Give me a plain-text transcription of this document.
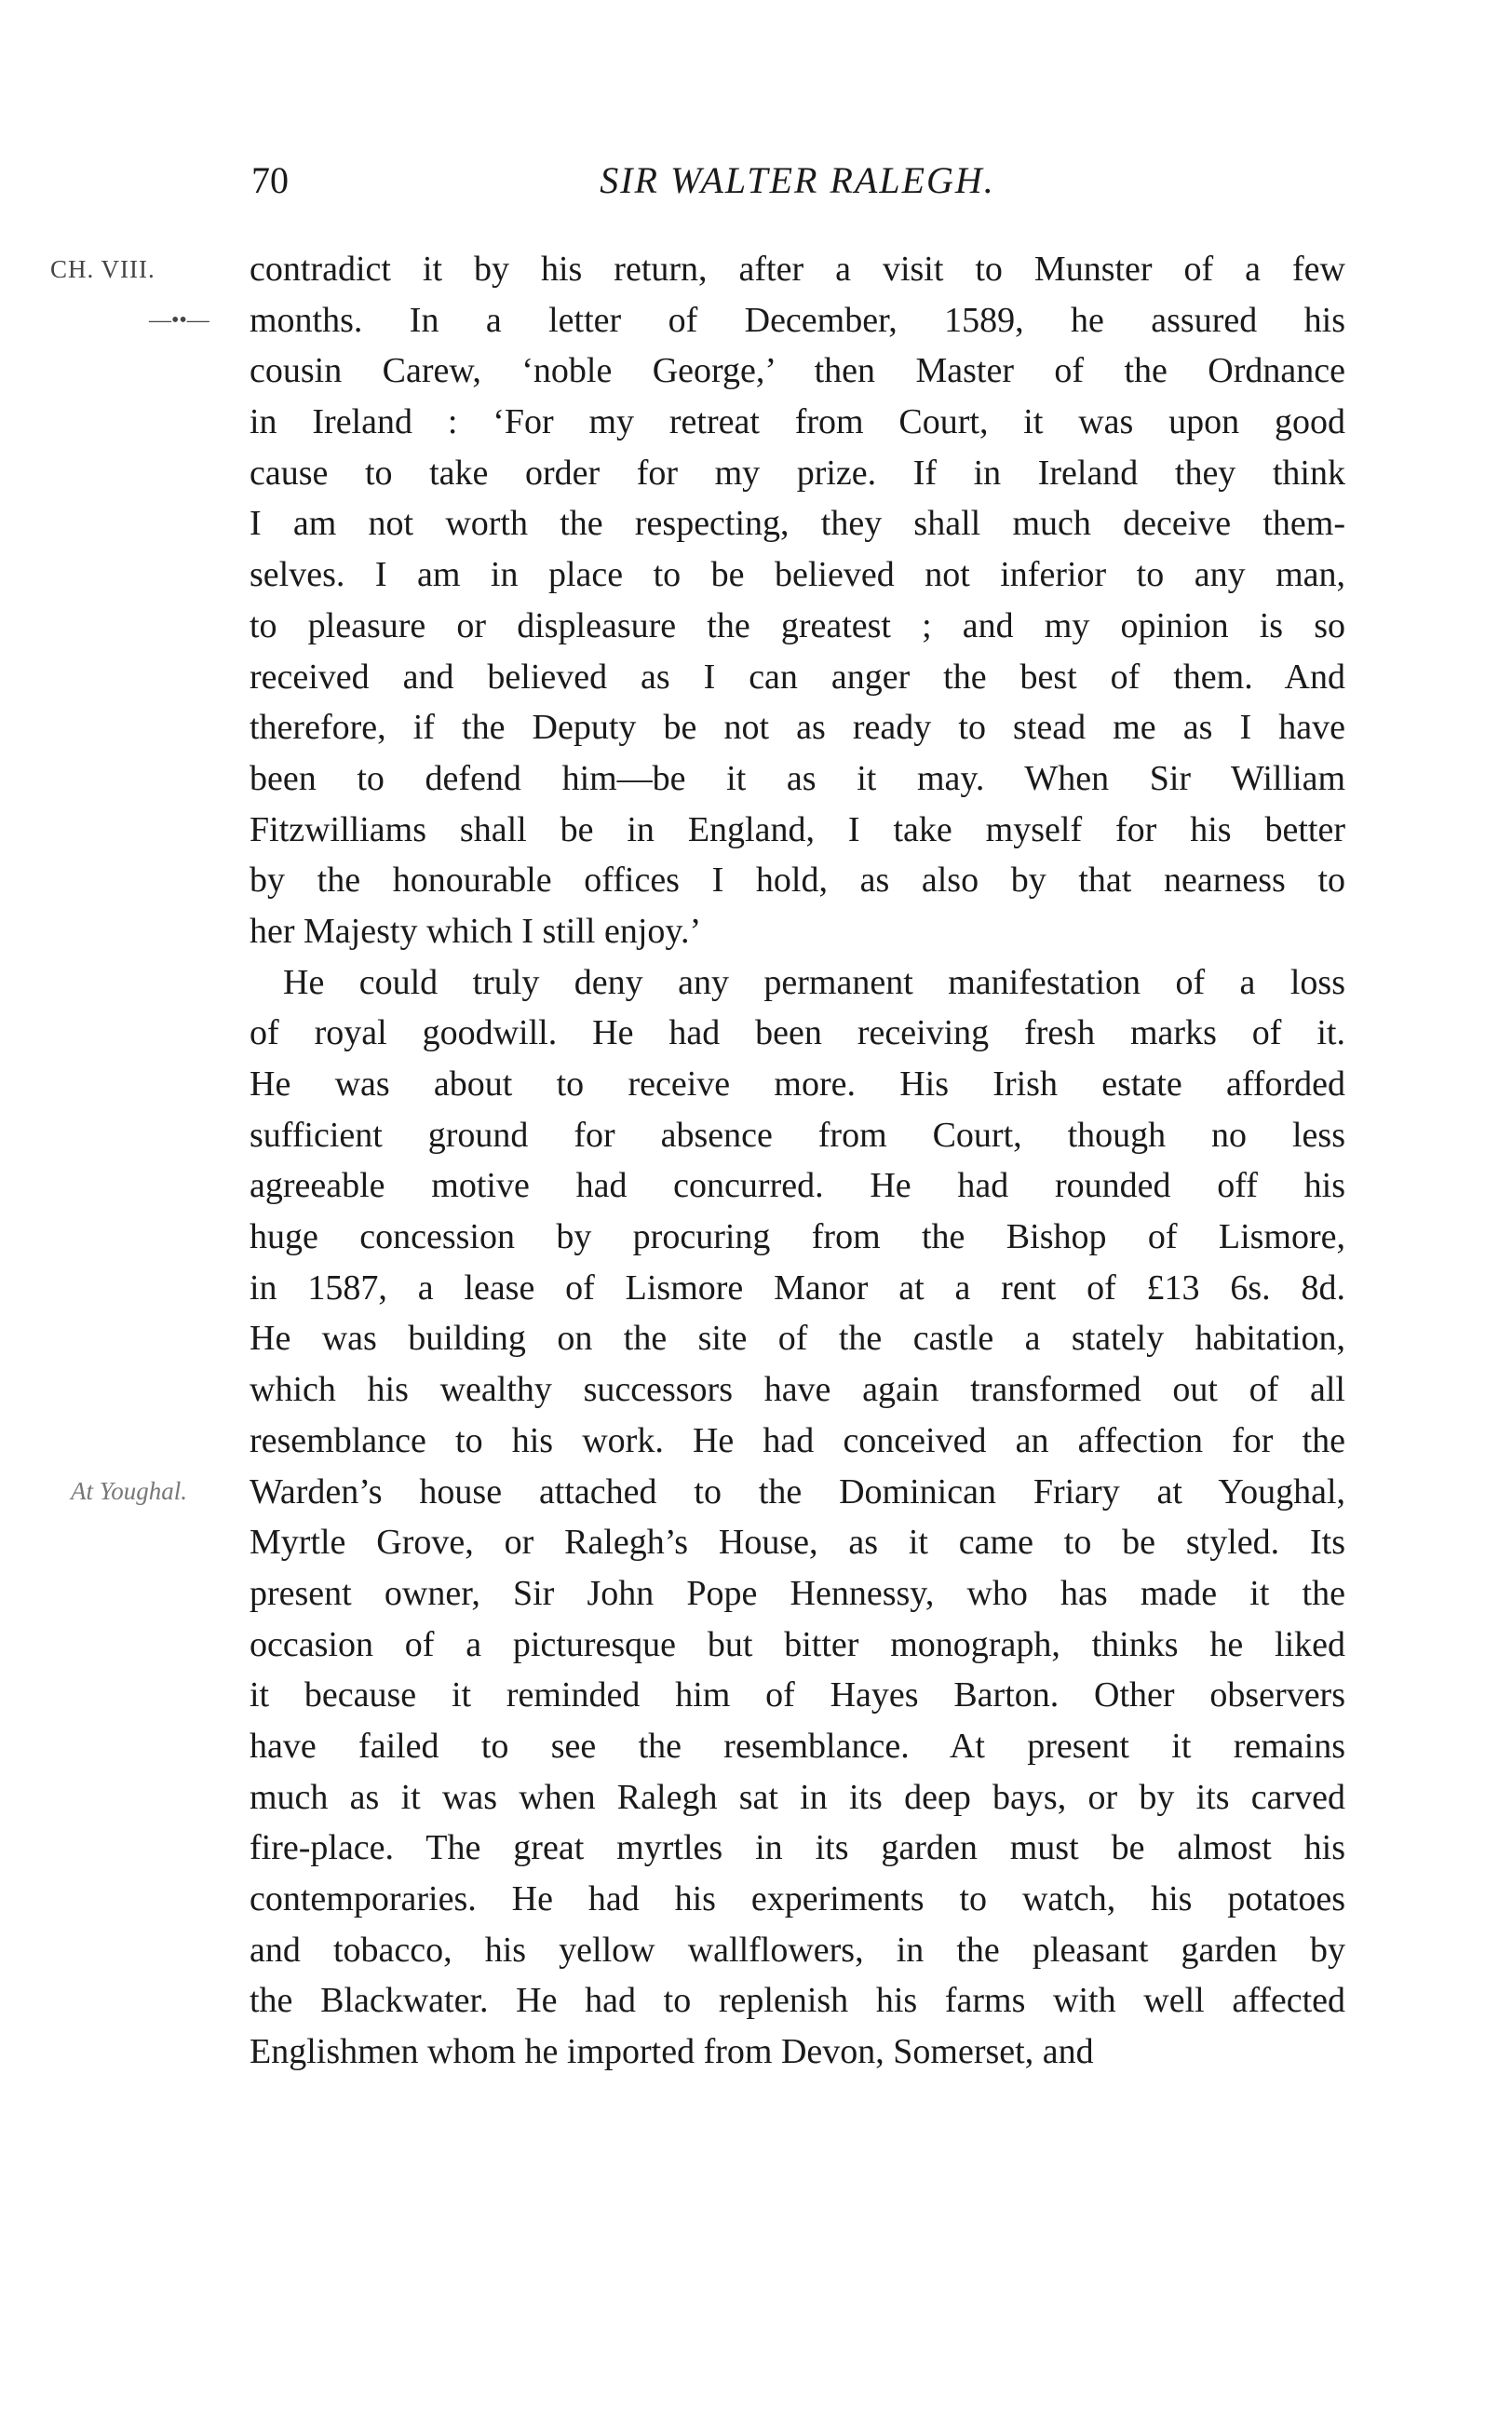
70	SIR WALTER RALEGH.
CH. VIII.
—••—
At Youghal.
contradict it by his return, after a visit to Munster of a few
months. In a letter of December, 1589, he assured his
cousin Carew, ‘noble George,’ then Master of the Ordnance
in Ireland : ‘For my retreat from Court, it was upon good
cause to take order for my prize. If in Ireland they think
I am not worth the respecting, they shall much deceive them-
selves. I am in place to be believed not inferior to any man,
to pleasure or displeasure the greatest ; and my opinion is so
received and believed as I can anger the best of them. And
therefore, if the Deputy be not as ready to stead me as I have
been to defend him—be it as it may. When Sir William
Fitzwilliams shall be in England, I take myself for his better
by the honourable offices I hold, as also by that nearness to
her Majesty which I still enjoy.’
He could truly deny any permanent manifestation of a loss
of royal goodwill. He had been receiving fresh marks of it.
He was about to receive more. His Irish estate afforded
sufficient ground for absence from Court, though no less
agreeable motive had concurred. He had rounded off his
huge concession by procuring from the Bishop of Lismore,
in 1587, a lease of Lismore Manor at a rent of £13 6s. 8d.
He was building on the site of the castle a stately habitation,
which his wealthy successors have again transformed out of all
resemblance to his work. He had conceived an affection for the
Warden’s house attached to the Dominican Friary at Youghal,
Myrtle Grove, or Ralegh’s House, as it came to be styled. Its
present owner, Sir John Pope Hennessy, who has made it the
occasion of a picturesque but bitter monograph, thinks he liked
it because it reminded him of Hayes Barton. Other observers
have failed to see the resemblance. At present it remains
much as it was when Ralegh sat in its deep bays, or by its carved
fire-place. The great myrtles in its garden must be almost his
contemporaries. He had his experiments to watch, his potatoes
and tobacco, his yellow wallflowers, in the pleasant garden by
the Blackwater. He had to replenish his farms with well affected
Englishmen whom he imported from Devon, Somerset, and
